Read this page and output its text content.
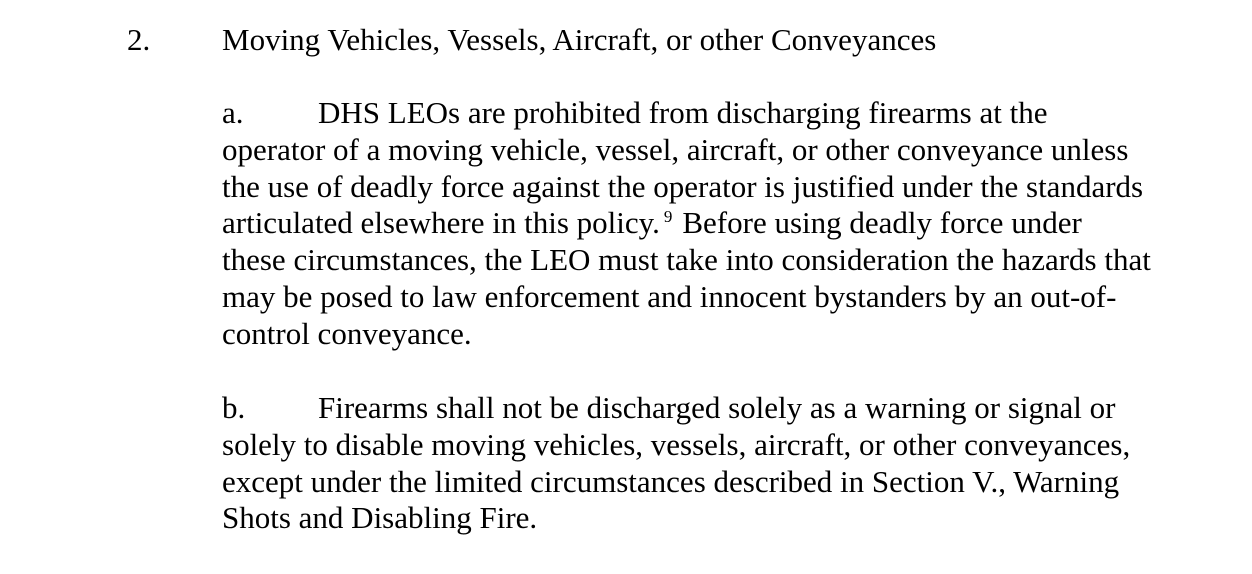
2. Moving Vehicles, Vessels, Aircraft, or other Conveyances
a. DHS LEOs are prohibited from discharging firearms at the
operator of a moving vehicle, vessel, aircraft, or other conveyance unless
the use of deadly force against the operator is justified under the standards
articulated elsewhere in this policy. $^9$ Before using deadly force under
these circumstances, the LEO must take into consideration the hazards that
may be posed to law enforcement and innocent bystanders by an out-of-
control conveyance.
b. Firearms shall not be discharged solely as a warning or signal or
solely to disable moving vehicles, vessels, aircraft, or other conveyances,
except under the limited circumstances described in Section V., Warning
Shots and Disabling Fire.
